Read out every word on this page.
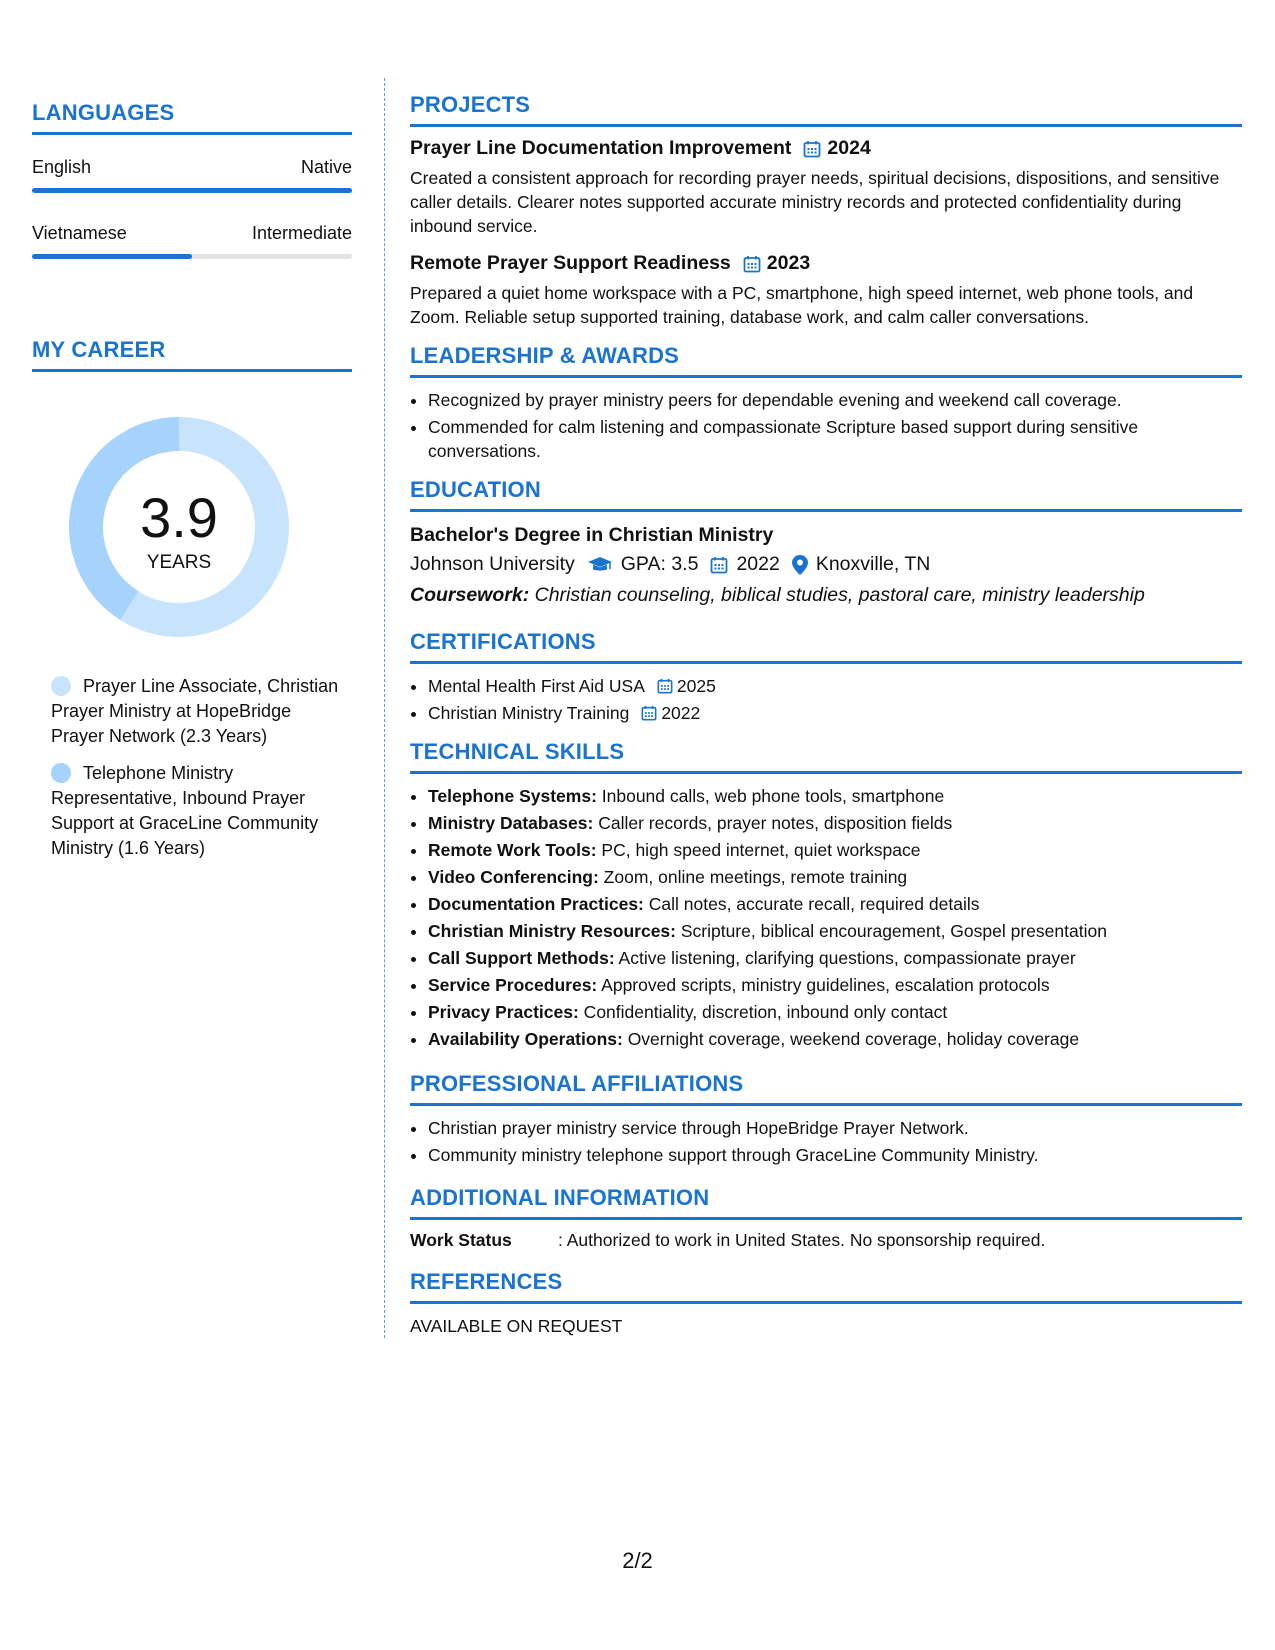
LANGUAGES
English	Native
Vietnamese	Intermediate
MY CAREER
3.9
YEARS
Prayer Line Associate, Christian Prayer Ministry at HopeBridge Prayer Network (2.3 Years)
Telephone Ministry Representative, Inbound Prayer Support at GraceLine Community Ministry (1.6 Years)
PROJECTS
Prayer Line Documentation Improvement 2024
Created a consistent approach for recording prayer needs, spiritual decisions, dispositions, and sensitive caller details. Clearer notes supported accurate ministry records and protected confidentiality during inbound service.
Remote Prayer Support Readiness 2023
Prepared a quiet home workspace with a PC, smartphone, high speed internet, web phone tools, and Zoom. Reliable setup supported training, database work, and calm caller conversations.
LEADERSHIP & AWARDS
• Recognized by prayer ministry peers for dependable evening and weekend call coverage.
• Commended for calm listening and compassionate Scripture based support during sensitive conversations.
EDUCATION
Bachelor's Degree in Christian Ministry
Johnson University GPA: 3.5 2022 Knoxville, TN
Coursework: Christian counseling, biblical studies, pastoral care, ministry leadership
CERTIFICATIONS
• Mental Health First Aid USA 2025
• Christian Ministry Training 2022
TECHNICAL SKILLS
• Telephone Systems: Inbound calls, web phone tools, smartphone
• Ministry Databases: Caller records, prayer notes, disposition fields
• Remote Work Tools: PC, high speed internet, quiet workspace
• Video Conferencing: Zoom, online meetings, remote training
• Documentation Practices: Call notes, accurate recall, required details
• Christian Ministry Resources: Scripture, biblical encouragement, Gospel presentation
• Call Support Methods: Active listening, clarifying questions, compassionate prayer
• Service Procedures: Approved scripts, ministry guidelines, escalation protocols
• Privacy Practices: Confidentiality, discretion, inbound only contact
• Availability Operations: Overnight coverage, weekend coverage, holiday coverage
PROFESSIONAL AFFILIATIONS
• Christian prayer ministry service through HopeBridge Prayer Network.
• Community ministry telephone support through GraceLine Community Ministry.
ADDITIONAL INFORMATION
Work Status	: Authorized to work in United States. No sponsorship required.
REFERENCES
AVAILABLE ON REQUEST
2/2
